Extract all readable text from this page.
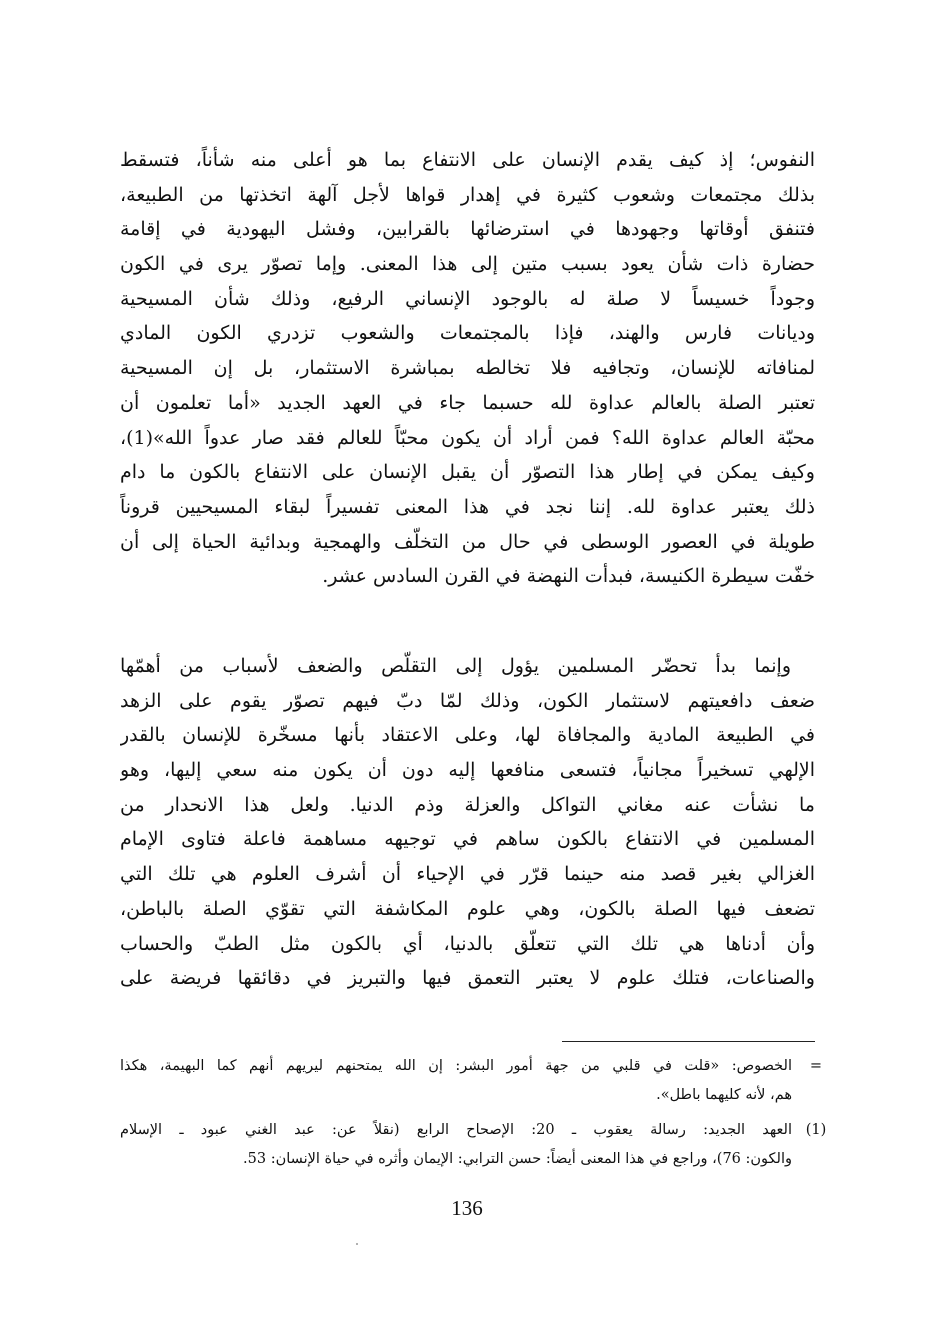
النفوس؛ إذ كيف يقدم الإنسان على الانتفاع بما هو أعلى منه شأناً، فتسقط
بذلك مجتمعات وشعوب كثيرة في إهدار قواها لأجل آلهة اتخذتها من الطبيعة،
فتنفق أوقاتها وجهودها في استرضائها بالقرابين، وفشل اليهودية في إقامة
حضارة ذات شأن يعود بسبب متين إلى هذا المعنى. وإما تصوّر يرى في الكون
وجوداً خسيساً لا صلة له بالوجود الإنساني الرفيع، وذلك شأن المسيحية
وديانات فارس والهند، فإذا بالمجتمعات والشعوب تزدري الكون المادي
لمنافاته للإنسان، وتجافيه فلا تخالطه بمباشرة الاستثمار، بل إن المسيحية
تعتبر الصلة بالعالم عداوة لله حسبما جاء في العهد الجديد «أما تعلمون أن
محبّة العالم عداوة الله؟ فمن أراد أن يكون محبّاً للعالم فقد صار عدواً الله»(1)،
وكيف يمكن في إطار هذا التصوّر أن يقبل الإنسان على الانتفاع بالكون ما دام
ذلك يعتبر عداوة لله. إننا نجد في هذا المعنى تفسيراً لبقاء المسيحيين قروناً
طويلة في العصور الوسطى في حال من التخلّف والهمجية وبدائية الحياة إلى أن
خفّت سيطرة الكنيسة، فبدأت النهضة في القرن السادس عشر.
وإنما بدأ تحضّر المسلمين يؤول إلى التقلّص والضعف لأسباب من أهمّها
ضعف دافعيتهم لاستثمار الكون، وذلك لمّا دبّ فيهم تصوّر يقوم على الزهد
في الطبيعة المادية والمجافاة لها، وعلى الاعتقاد بأنها مسخّرة للإنسان بالقدر
الإلهي تسخيراً مجانياً، فتسعى منافعها إليه دون أن يكون منه سعي إليها، وهو
ما نشأت عنه مغاني التواكل والعزلة وذم الدنيا. ولعل هذا الانحدار من
المسلمين في الانتفاع بالكون ساهم في توجيهه مساهمة فاعلة فتاوى الإمام
الغزالي بغير قصد منه حينما قرّر في الإحياء أن أشرف العلوم هي تلك التي
تضعف فيها الصلة بالكون، وهي علوم المكاشفة التي تقوّي الصلة بالباطن،
وأن أدناها هي تلك التي تتعلّق بالدنيا، أي بالكون مثل الطبّ والحساب
والصناعات، فتلك علوم لا يعتبر التعمق فيها والتبريز في دقائقها فريضة على
=
الخصوص: «قلت في قلبي من جهة أمور البشر: إن الله يمتحنهم ليريهم أنهم كما البهيمة، هكذا
هم، لأنه كليهما باطل».
(1)
العهد الجديد: رسالة يعقوب ـ 20: الإصحاح الرابع (نقلاً عن: عبد الغني عبود ـ الإسلام
والكون: 76)، وراجع في هذا المعنى أيضاً: حسن الترابي: الإيمان وأثره في حياة الإنسان: 53.
136
